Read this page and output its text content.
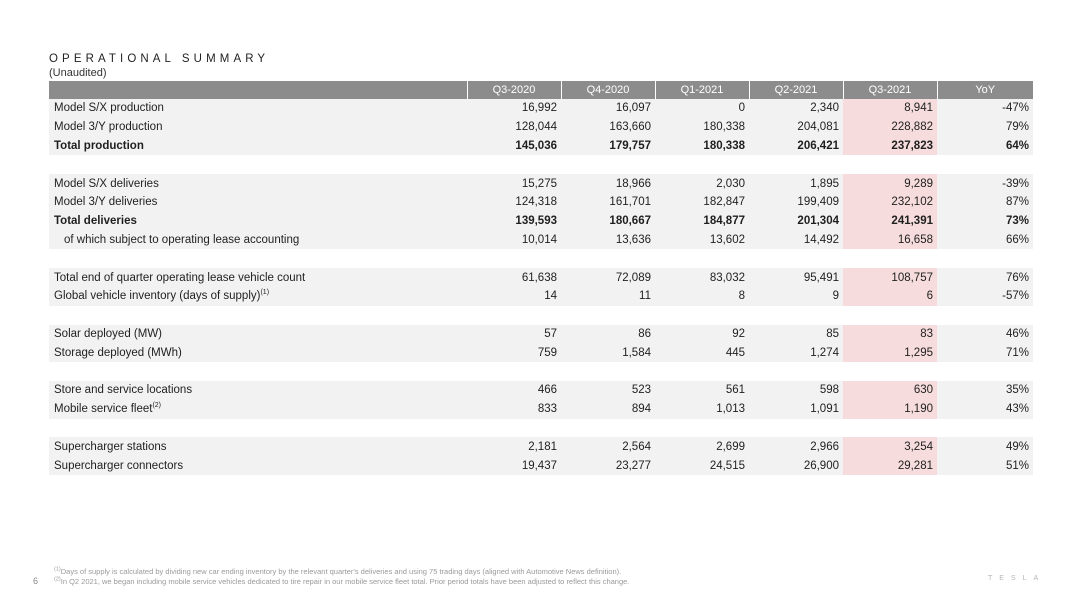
OPERATIONAL SUMMARY
(Unaudited)
	Q3-2020	Q4-2020	Q1-2021	Q2-2021	Q3-2021	YoY
Model S/X production	16,992	16,097	0	2,340	8,941	-47%
Model 3/Y production	128,044	163,660	180,338	204,081	228,882	79%
Total production	145,036	179,757	180,338	206,421	237,823	64%

Model S/X deliveries	15,275	18,966	2,030	1,895	9,289	-39%
Model 3/Y deliveries	124,318	161,701	182,847	199,409	232,102	87%
Total deliveries	139,593	180,667	184,877	201,304	241,391	73%
of which subject to operating lease accounting	10,014	13,636	13,602	14,492	16,658	66%

Total end of quarter operating lease vehicle count	61,638	72,089	83,032	95,491	108,757	76%
Global vehicle inventory (days of supply)$^{(1)}$	14	11	8	9	6	-57%

Solar deployed (MW)	57	86	92	85	83	46%
Storage deployed (MWh)	759	1,584	445	1,274	1,295	71%

Store and service locations	466	523	561	598	630	35%
Mobile service fleet$^{(2)}$	833	894	1,013	1,091	1,190	43%

Supercharger stations	2,181	2,564	2,699	2,966	3,254	49%
Supercharger connectors	19,437	23,277	24,515	26,900	29,281	51%
6
$^{(1)}$Days of supply is calculated by dividing new car ending inventory by the relevant quarter's deliveries and using 75 trading days (aligned with Automotive News definition).
$^{(2)}$In Q2 2021, we began including mobile service vehicles dedicated to tire repair in our mobile service fleet total. Prior period totals have been adjusted to reflect this change.	TESLA
